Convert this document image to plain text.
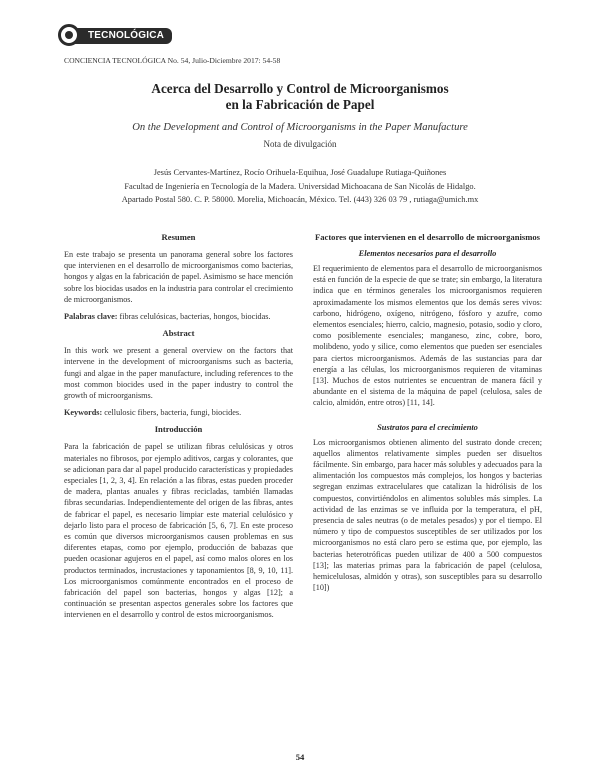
TECNOLÓGICA
CONCIENCIA TECNOLÓGICA No. 54, Julio-Diciembre 2017: 54-58
Acerca del Desarrollo y Control de Microorganismos
en la Fabricación de Papel
On the Development and Control of Microorganisms in the Paper Manufacture
Nota de divulgación
Jesús Cervantes-Martínez, Rocío Orihuela-Equihua, José Guadalupe Rutiaga-Quiñones
Facultad de Ingeniería en Tecnología de la Madera. Universidad Michoacana de San Nicolás de Hidalgo.
Apartado Postal 580. C. P. 58000. Morelia, Michoacán, México. Tel. (443) 326 03 79 , rutiaga@umich.mx
Resumen

En este trabajo se presenta un panorama general sobre los factores que intervienen en el desarrollo de microorganismos como bacterias, hongos y algas en la fabricación de papel. Asimismo se hace mención sobre los biocidas usados en la industria para controlar el crecimiento de microorganismos.

Palabras clave: fibras celulósicas, bacterias, hongos, biocidas.

Abstract

In this work we present a general overview on the factors that intervene in the development of microorganisms such as bacteria, fungi and algae in the paper manufacture, including references to the most common biocides used in the paper industry to control the growth of microorganisms.

Keywords: cellulosic fibers, bacteria, fungi, biocides.

Introducción

Para la fabricación de papel se utilizan fibras celulósicas y otros materiales no fibrosos, por ejemplo aditivos, cargas y colorantes, que se adicionan para dar al papel producido características y propiedades especiales [1, 2, 3, 4]. En relación a las fibras, estas pueden proceder de madera, plantas anuales y fibras recicladas, también llamadas fibras secundarias. Independientemente del origen de las fibras, antes de fabricar el papel, es necesario limpiar este material celulósico y dejarlo listo para el proceso de fabricación [5, 6, 7]. En este proceso es común que diversos microorganismos causen problemas en sus diferentes etapas, como por ejemplo, producción de babazas que pueden ocasionar agujeros en el papel, así como malos olores en los productos terminados, incrustaciones y taponamientos [8, 9, 10, 11]. Los microorganismos comúnmente encontrados en el proceso de fabricación del papel son bacterias, hongos y algas [12]; a continuación se presentan aspectos generales sobre los factores que intervienen en el desarrollo y control de estos microorganismos.

Factores que intervienen en el desarrollo de microorganismos
Elementos necesarios para el desarrollo

El requerimiento de elementos para el desarrollo de microorganismos está en función de la especie de que se trate; sin embargo, la literatura indica que en términos generales los microorganismos requieren aproximadamente los mismos elementos que los demás seres vivos: carbono, hidrógeno, oxígeno, nitrógeno, fósforo y azufre, como elementos esenciales; hierro, calcio, magnesio, potasio, sodio y cloro, como posiblemente esenciales; manganeso, zinc, cobre, boro, molibdeno, yodo y silice, como elementos que pueden ser esenciales para ciertos microorganismos. Además de las sustancias para dar energía a las células, los microorganismos requieren de vitaminas [13]. Muchos de estos nutrientes se encuentran de manera fácil y abundante en el sistema de la máquina de papel (celulosa, sales de calcio, almidón, entre otros) [11, 14].

Sustratos para el crecimiento

Los microorganismos obtienen alimento del sustrato donde crecen; aquellos alimentos relativamente simples pueden ser disueltos fácilmente. Sin embargo, para hacer más solubles y adecuados para la alimentación los compuestos más complejos, los hongos y bacterias segregan enzimas extracelulares que catalizan la hidrólisis de los compuestos, convirtiéndolos en alimentos solubles más simples. La actividad de las enzimas se ve influida por la temperatura, el pH, presencia de sales neutras (o de metales pesados) y por el tiempo. El número y tipo de compuestos susceptibles de ser utilizados por los microorganismos no está claro pero se estima que, por ejemplo, las bacterias heterotróficas pueden utilizar de 400 a 500 compuestos [13]; las materias primas para la fabricación de papel (celulosa, hemicelulosas, almidón y otras), son susceptibles para su desarrollo [10])

54
